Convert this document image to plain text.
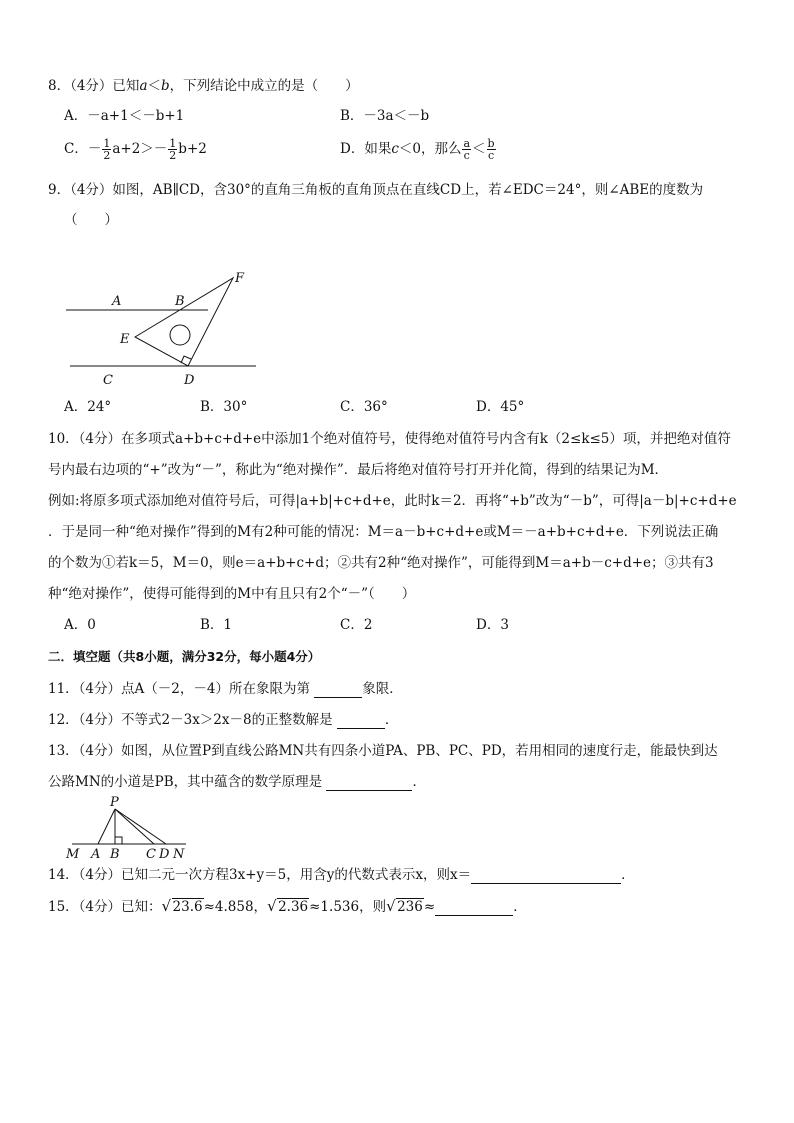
8．（4分）已知a＜b，下列结论中成立的是（　　）
A．－a+1＜－b+1	B．－3a＜－b
C．－ $\frac{1}{2} a+2>- \frac{1}{2} b+2$	D．如果c＜0，那么 $\frac{a}{c} < \frac{b}{c}$
9．（4分）如图，AB∥CD，含30°的直角三角板的直角顶点在直线CD上，若∠EDC＝24°，则∠ABE的度数为
（　　）
A	B
E
F
C	D
A．24°	B．30°	C．36°	D．45°
10．（4分）在多项式a+b+c+d+e中添加1个绝对值符号，使得绝对值符号内含有k（2≤k≤5）项，并把绝对值符
号内最右边项的“+”改为“－”，称此为“绝对操作”．最后将绝对值符号打开并化简，得到的结果记为M．
例如:将原多项式添加绝对值符号后，可得|a+b|+c+d+e，此时k＝2．再将“+b”改为“－b”，可得|a－b|+c+d+e
．于是同一种“绝对操作”得到的M有2种可能的情况：M＝a－b+c+d+e或M＝－a+b+c+d+e．下列说法正确
的个数为①若k＝5，M＝0，则e＝a+b+c+d；②共有2种“绝对操作”，可能得到M＝a+b－c+d+e；③共有3
种“绝对操作”，使得可能得到的M中有且只有2个“－”（　　）
A．0	B．1	C．2	D．3
二．填空题（共8小题，满分32分，每小题4分）
11．（4分）点A（－2，－4）所在象限为第	象限．
12．（4分）不等式2－3x＞2x－8的正整数解是	．
13．（4分）如图，从位置P到直线公路MN共有四条小道PA、PB、PC、PD，若用相同的速度行走，能最快到达
公路MN的小道是PB，其中蕴含的数学原理是	．
P
M A B C D N
14．（4分）已知二元一次方程3x+y＝5，用含y的代数式表示x，则x＝	．
15．（4分）已知： √ 23.6≈4.858， √ 2.36≈1.536，则 √ 236≈	．
